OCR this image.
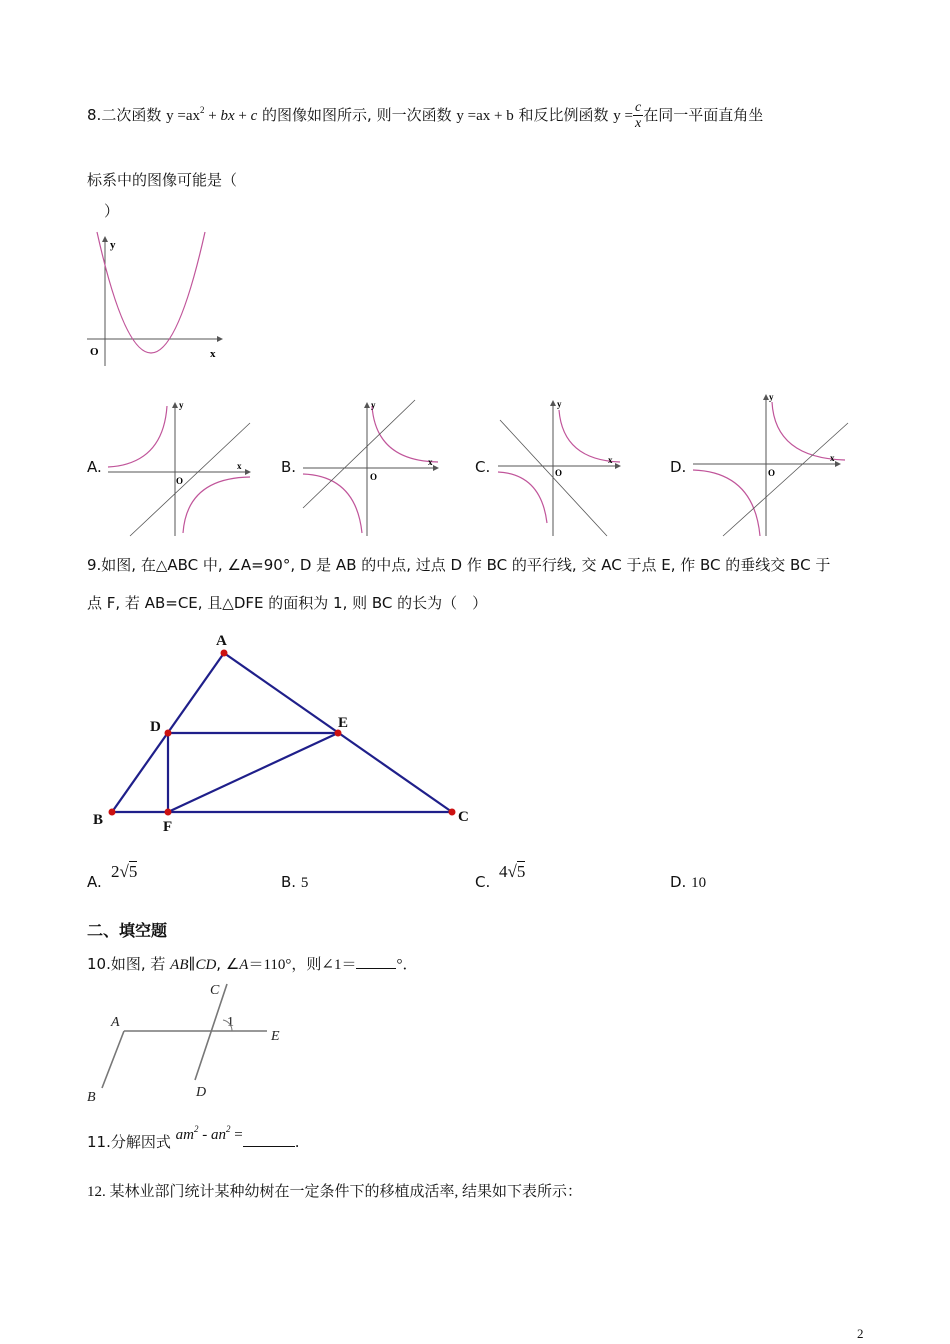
8.二次函数 $y =ax^2$ + bx + c 的图像如图所示, 则一次函数 y =ax + b 和反比例函数 $y = \frac{c}{x}$ 在同一平面直角坐
标系中的图像可能是（
）
y
x
O
A.
y
x
O
B.
y
x
O
C.
y
x
O	D.
y
x
O
9.如图, 在△ABC 中, ∠A=90°, D 是 AB 的中点, 过点 D 作 BC 的平行线, 交 AC 于点 E, 作 BC 的垂线交 BC 于
点 F, 若 AB=CE, 且△DFE 的面积为 1, 则 BC 的长为（　）
A
B	C
D	E
F
A.
2√5
B. 5	C.
4√5
D. 10
二、填空题
10.如图, 若 AB∥CD, ∠A＝110°，则∠1＝	°．
A
B
C
D
E
1
11.分解因式 $am^2 - an^2$ =	.
12. 某林业部门统计某种幼树在一定条件下的移植成活率, 结果如下表所示：
2
